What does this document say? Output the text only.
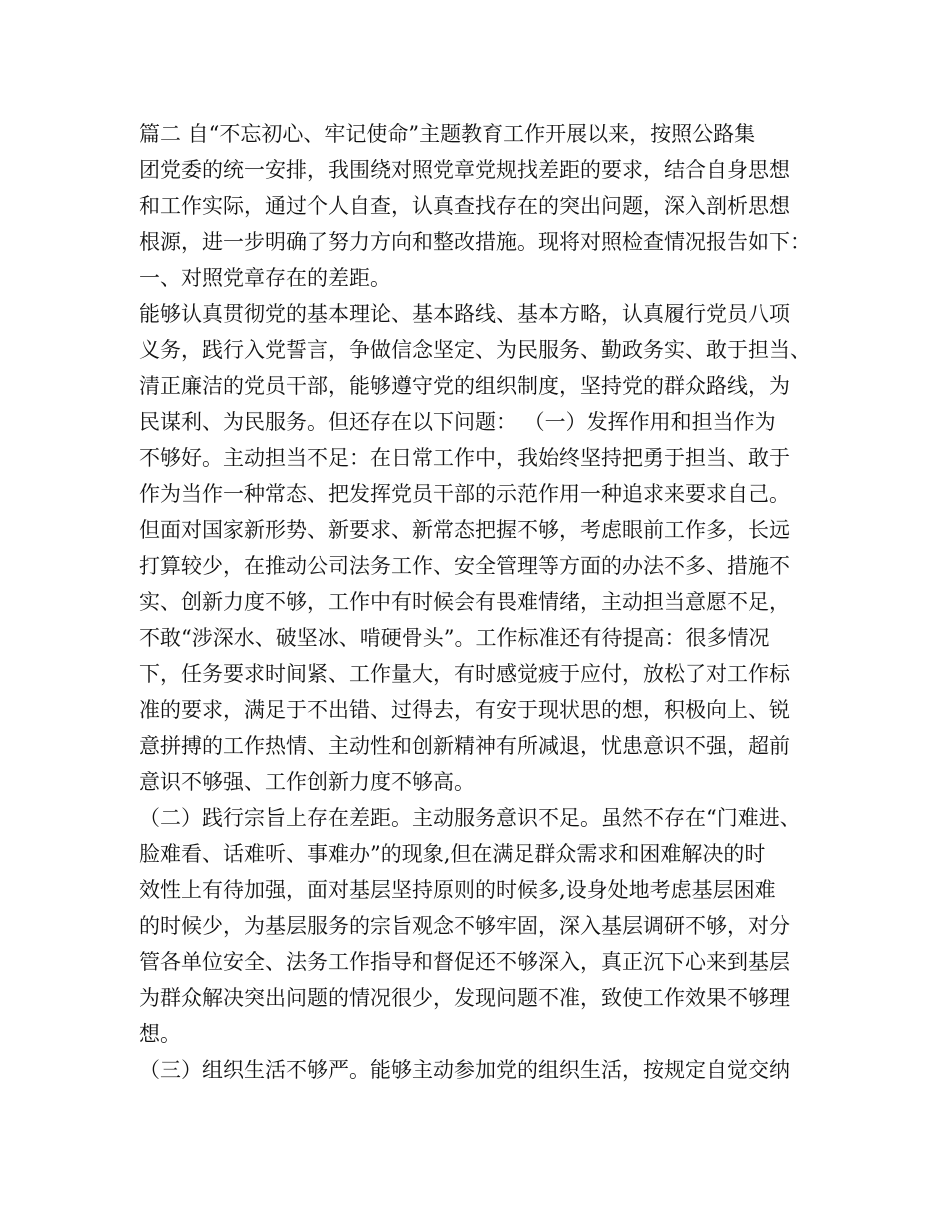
篇二 自“不忘初心、牢记使命”主题教育工作开展以来，按照公路集
团党委的统一安排，我围绕对照党章党规找差距的要求，结合自身思想
和工作实际，通过个人自查，认真查找存在的突出问题，深入剖析思想
根源，进一步明确了努力方向和整改措施。现将对照检查情况报告如下：
一、对照党章存在的差距。
能够认真贯彻党的基本理论、基本路线、基本方略，认真履行党员八项
义务，践行入党誓言，争做信念坚定、为民服务、勤政务实、敢于担当、
清正廉洁的党员干部，能够遵守党的组织制度，坚持党的群众路线，为
民谋利、为民服务。但还存在以下问题： （一）发挥作用和担当作为
不够好。主动担当不足：在日常工作中，我始终坚持把勇于担当、敢于
作为当作一种常态、把发挥党员干部的示范作用一种追求来要求自己。
但面对国家新形势、新要求、新常态把握不够，考虑眼前工作多，长远
打算较少，在推动公司法务工作、安全管理等方面的办法不多、措施不
实、创新力度不够，工作中有时候会有畏难情绪，主动担当意愿不足，
不敢“涉深水、破坚冰、啃硬骨头”。工作标准还有待提高：很多情况
下，任务要求时间紧、工作量大，有时感觉疲于应付，放松了对工作标
准的要求，满足于不出错、过得去，有安于现状思的想，积极向上、锐
意拼搏的工作热情、主动性和创新精神有所减退，忧患意识不强，超前
意识不够强、工作创新力度不够高。
（二）践行宗旨上存在差距。主动服务意识不足。虽然不存在“门难进、
脸难看、话难听、事难办”的现象,但在满足群众需求和困难解决的时
效性上有待加强，面对基层坚持原则的时候多,设身处地考虑基层困难
的时候少，为基层服务的宗旨观念不够牢固，深入基层调研不够，对分
管各单位安全、法务工作指导和督促还不够深入，真正沉下心来到基层
为群众解决突出问题的情况很少，发现问题不准，致使工作效果不够理
想。
（三）组织生活不够严。能够主动参加党的组织生活，按规定自觉交纳
